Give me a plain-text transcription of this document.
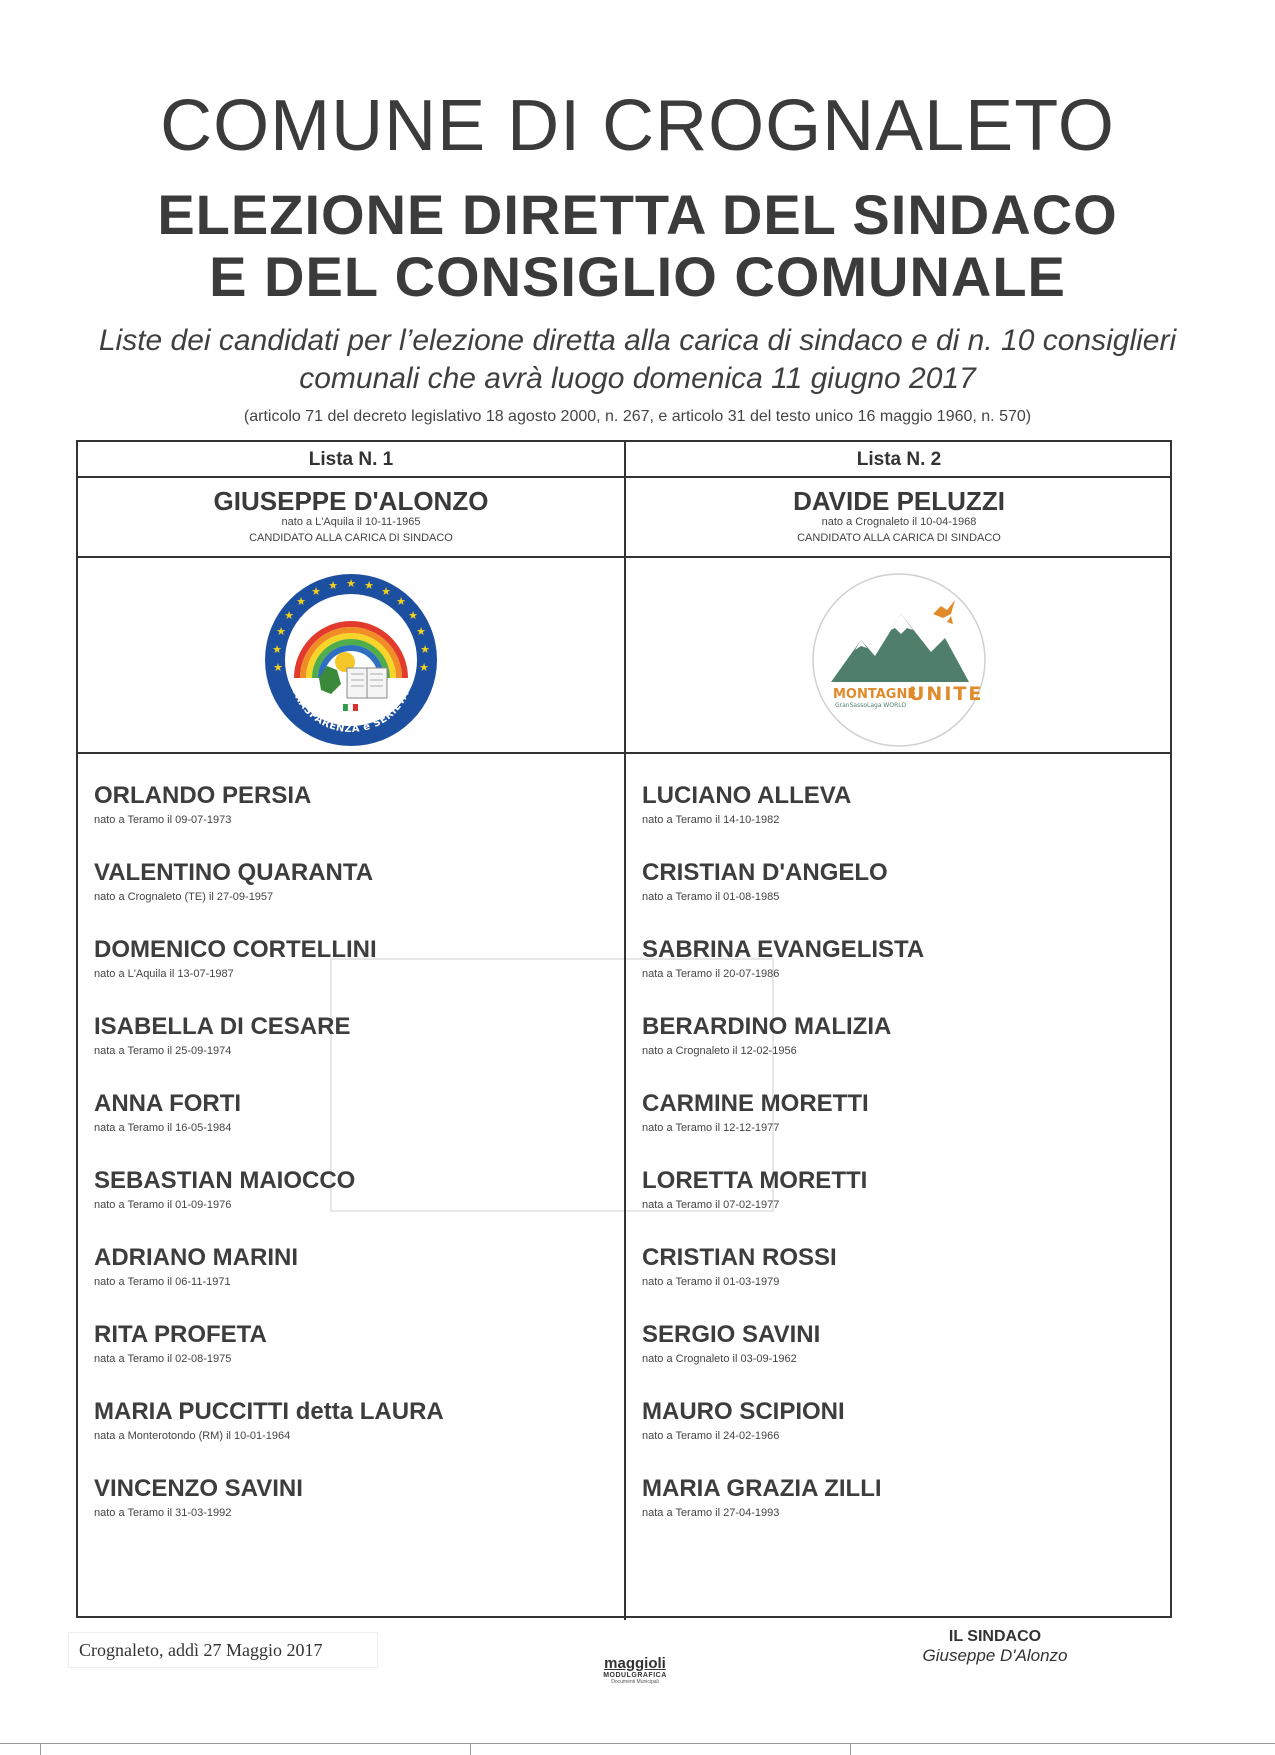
COMUNE DI CROGNALETO
ELEZIONE DIRETTA DEL SINDACO
E DEL CONSIGLIO COMUNALE
Liste dei candidati per l’elezione diretta alla carica di sindaco e di n. 10 consiglieri
comunali che avrà luogo domenica 11 giugno 2017
(articolo 71 del decreto legislativo 18 agosto 2000, n. 267, e articolo 31 del testo unico 16 maggio 1960, n. 570)
Lista N. 1
GIUSEPPE D'ALONZO
nato a L'Aquila il 10-11-1965
CANDIDATO ALLA CARICA DI SINDACO
★ ★ ★
★
★
★
★
★
★
★
★
★
★
★
★
TRASPARENZA e SERIETA'
ORLANDO PERSIA
nato a Teramo il 09-07-1973
VALENTINO QUARANTA
nato a Crognaleto (TE) il 27-09-1957
DOMENICO CORTELLINI
nato a L'Aquila il 13-07-1987
ISABELLA DI CESARE
nata a Teramo il 25-09-1974
ANNA FORTI
nata a Teramo il 16-05-1984
SEBASTIAN MAIOCCO
nato a Teramo il 01-09-1976
ADRIANO MARINI
nato a Teramo il 06-11-1971
RITA PROFETA
nata a Teramo il 02-08-1975
MARIA PUCCITTI detta LAURA
nata a Monterotondo (RM) il 10-01-1964
VINCENZO SAVINI
nato a Teramo il 31-03-1992
Lista N. 2
DAVIDE PELUZZI
nato a Crognaleto il 10-04-1968
CANDIDATO ALLA CARICA DI SINDACO
MONTAGNE
UNITE
GranSassoLaga WORLD
LUCIANO ALLEVA
nato a Teramo il 14-10-1982
CRISTIAN D'ANGELO
nato a Teramo il 01-08-1985
SABRINA EVANGELISTA
nata a Teramo il 20-07-1986
BERARDINO MALIZIA
nato a Crognaleto il 12-02-1956
CARMINE MORETTI
nato a Teramo il 12-12-1977
LORETTA MORETTI
nata a Teramo il 07-02-1977
CRISTIAN ROSSI
nato a Teramo il 01-03-1979
SERGIO SAVINI
nato a Crognaleto il 03-09-1962
MAURO SCIPIONI
nato a Teramo il 24-02-1966
MARIA GRAZIA ZILLI
nata a Teramo il 27-04-1993
Crognaleto, addì 27 Maggio 2017
maggioli
MODULGRAFICA
Documenti Municipali
IL SINDACO
Giuseppe D'Alonzo
